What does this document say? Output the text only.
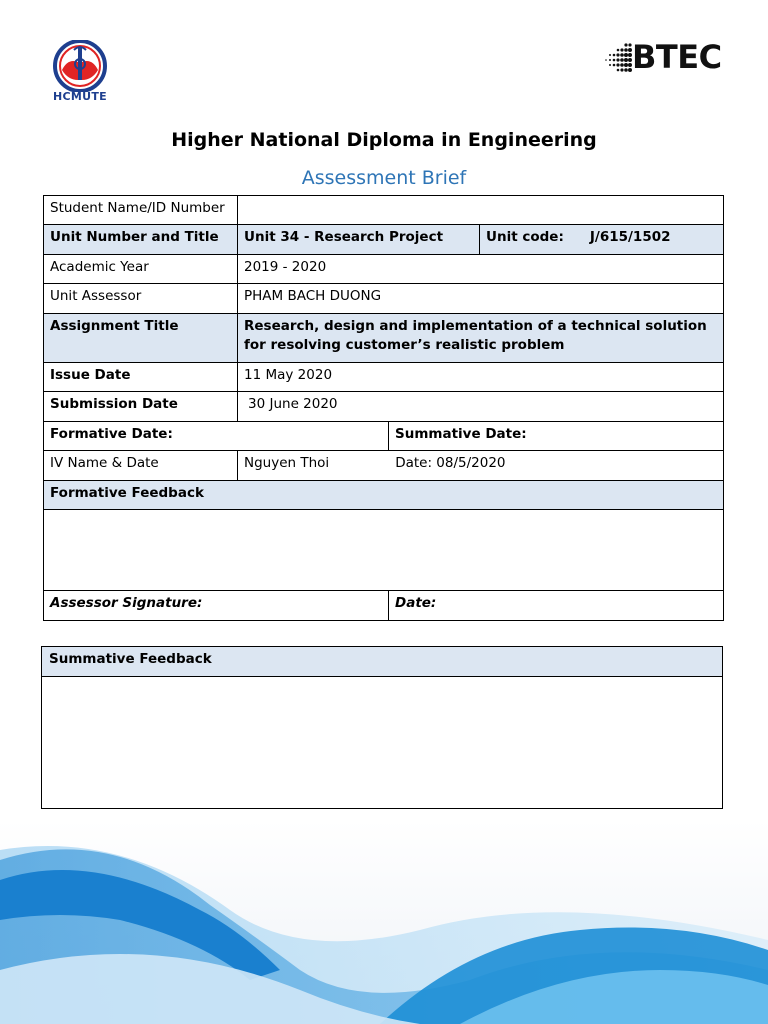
HCMUTE
BTEC
Higher National Diploma in Engineering
Assessment Brief
Student Name/ID Number			
Unit Number and Title	Unit 34 - Research Project		Unit code: J/615/1502
Academic Year	2019 - 2020		
Unit Assessor	PHAM BACH DUONG		
Assignment Title	Research, design and implementation of a technical solution for resolving customer’s realistic problem		
Issue Date	11 May 2020		
Submission Date	30 June 2020		
Formative Date:		Summative Date:	
IV Name & Date	Nguyen Thoi Date: 08/5/2020		
Formative Feedback			

Assessor Signature:		Date:	
Summative Feedback
